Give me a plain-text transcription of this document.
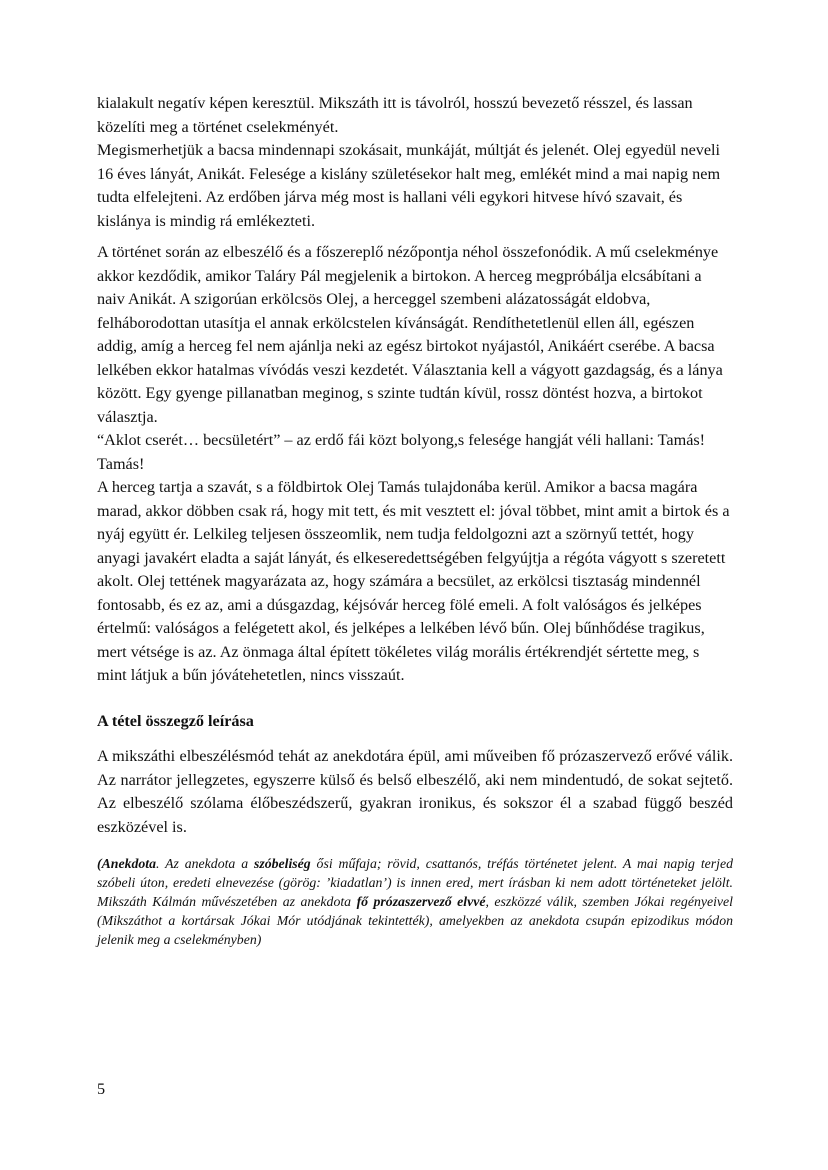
kialakult negatív képen keresztül. Mikszáth itt is távolról, hosszú bevezető résszel, és lassan közelíti meg a történet cselekményét.

Megismerhetjük a bacsa mindennapi szokásait, munkáját, múltját és jelenét. Olej egyedül neveli 16 éves lányát, Anikát. Felesége a kislány születésekor halt meg, emlékét mind a mai napig nem tudta elfelejteni. Az erdőben járva még most is hallani véli egykori hitvese hívó szavait, és kislánya is mindig rá emlékezteti.

A történet során az elbeszélő és a főszereplő nézőpontja néhol összefonódik. A mű cselekménye akkor kezdődik, amikor Taláry Pál megjelenik a birtokon. A herceg megpróbálja elcsábítani a naiv Anikát. A szigorúan erkölcsös Olej, a herceggel szembeni alázatosságát eldobva, felháborodottan utasítja el annak erkölcstelen kívánságát. Rendíthetetlenül ellen áll, egészen addig, amíg a herceg fel nem ajánlja neki az egész birtokot nyájastól, Anikáért cserébe. A bacsa lelkében ekkor hatalmas vívódás veszi kezdetét. Választania kell a vágyott gazdagság, és a lánya között. Egy gyenge pillanatban meginog, s szinte tudtán kívül, rossz döntést hozva, a birtokot választja.

“Aklot cserét… becsületért” – az erdő fái közt bolyong,s felesége hangját véli hallani: Tamás! Tamás!

A herceg tartja a szavát, s a földbirtok Olej Tamás tulajdonába kerül. Amikor a bacsa magára marad, akkor döbben csak rá, hogy mit tett, és mit vesztett el: jóval többet, mint amit a birtok és a nyáj együtt ér. Lelkileg teljesen összeomlik, nem tudja feldolgozni azt a szörnyű tettét, hogy anyagi javakért eladta a saját lányát, és elkeseredettségében felgyújtja a régóta vágyott s szeretett akolt. Olej tettének magyarázata az, hogy számára a becsület, az erkölcsi tisztaság mindennél fontosabb, és ez az, ami a dúsgazdag, kéjsóvár herceg fölé emeli. A folt valóságos és jelképes értelmű: valóságos a felégetett akol, és jelképes a lelkében lévő bűn. Olej bűnhődése tragikus, mert vétsége is az. Az önmaga által épített tökéletes világ morális értékrendjét sértette meg, s mint látjuk a bűn jóvátehetetlen, nincs visszaút.

A tétel összegző leírása

A mikszáthi elbeszélésmód tehát az anekdotára épül, ami műveiben fő prózaszervező erővé válik. Az narrátor jellegzetes, egyszerre külső és belső elbeszélő, aki nem mindentudó, de sokat sejtető. Az elbeszélő szólama élőbeszédszerű, gyakran ironikus, és sokszor él a szabad függő beszéd eszközével is.

(Anekdota. Az anekdota a szóbeliség ősi műfaja; rövid, csattanós, tréfás történetet jelent. A mai napig terjed szóbeli úton, eredeti elnevezése (görög: ’kiadatlan’) is innen ered, mert írásban ki nem adott történeteket jelölt. Mikszáth Kálmán művészetében az anekdota fő prózaszervező elvvé, eszközzé válik, szemben Jókai regényeivel (Mikszáthot a kortársak Jókai Mór utódjának tekintették), amelyekben az anekdota csupán epizodikus módon jelenik meg a cselekményben)

5
